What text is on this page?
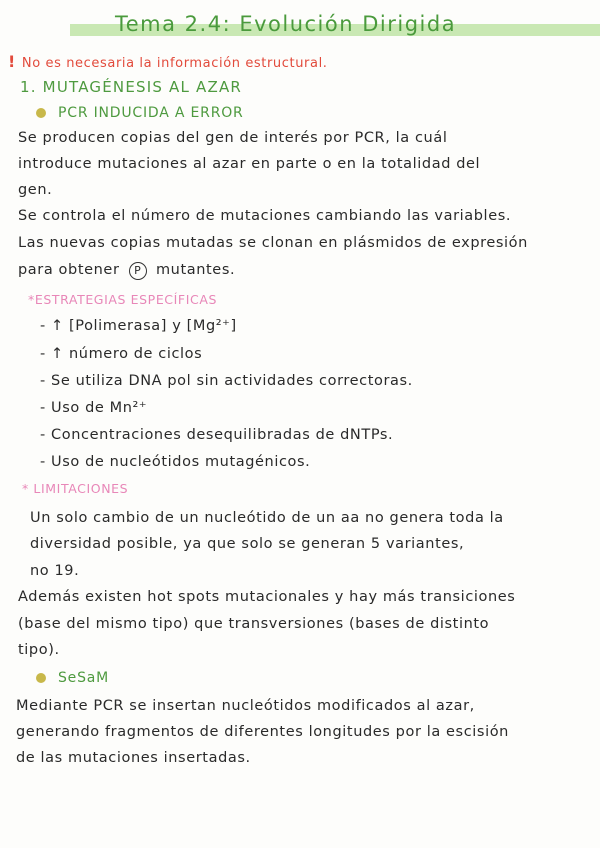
Tema 2.4: Evolución Dirigida
! No es necesaria la información estructural.
1. MUTAGÉNESIS AL AZAR
PCR INDUCIDA A ERROR
Se producen copias del gen de interés por PCR, la cuál
introduce mutaciones al azar en parte o en la totalidad del
gen.
Se controla el número de mutaciones cambiando las variables.
Las nuevas copias mutadas se clonan en plásmidos de expresión
para obtener P mutantes.
*ESTRATEGIAS ESPECÍFICAS
- ↑ [Polimerasa] y [Mg²⁺]
- ↑ número de ciclos
- Se utiliza DNA pol sin actividades correctoras.
- Uso de Mn²⁺
- Concentraciones desequilibradas de dNTPs.
- Uso de nucleótidos mutagénicos.
* LIMITACIONES
Un solo cambio de un nucleótido de un aa no genera toda la
diversidad posible, ya que solo se generan 5 variantes,
no 19.
Además existen hot spots mutacionales y hay más transiciones
(base del mismo tipo) que transversiones (bases de distinto
tipo).
SeSaM
Mediante PCR se insertan nucleótidos modificados al azar,
generando fragmentos de diferentes longitudes por la escisión
de las mutaciones insertadas.
